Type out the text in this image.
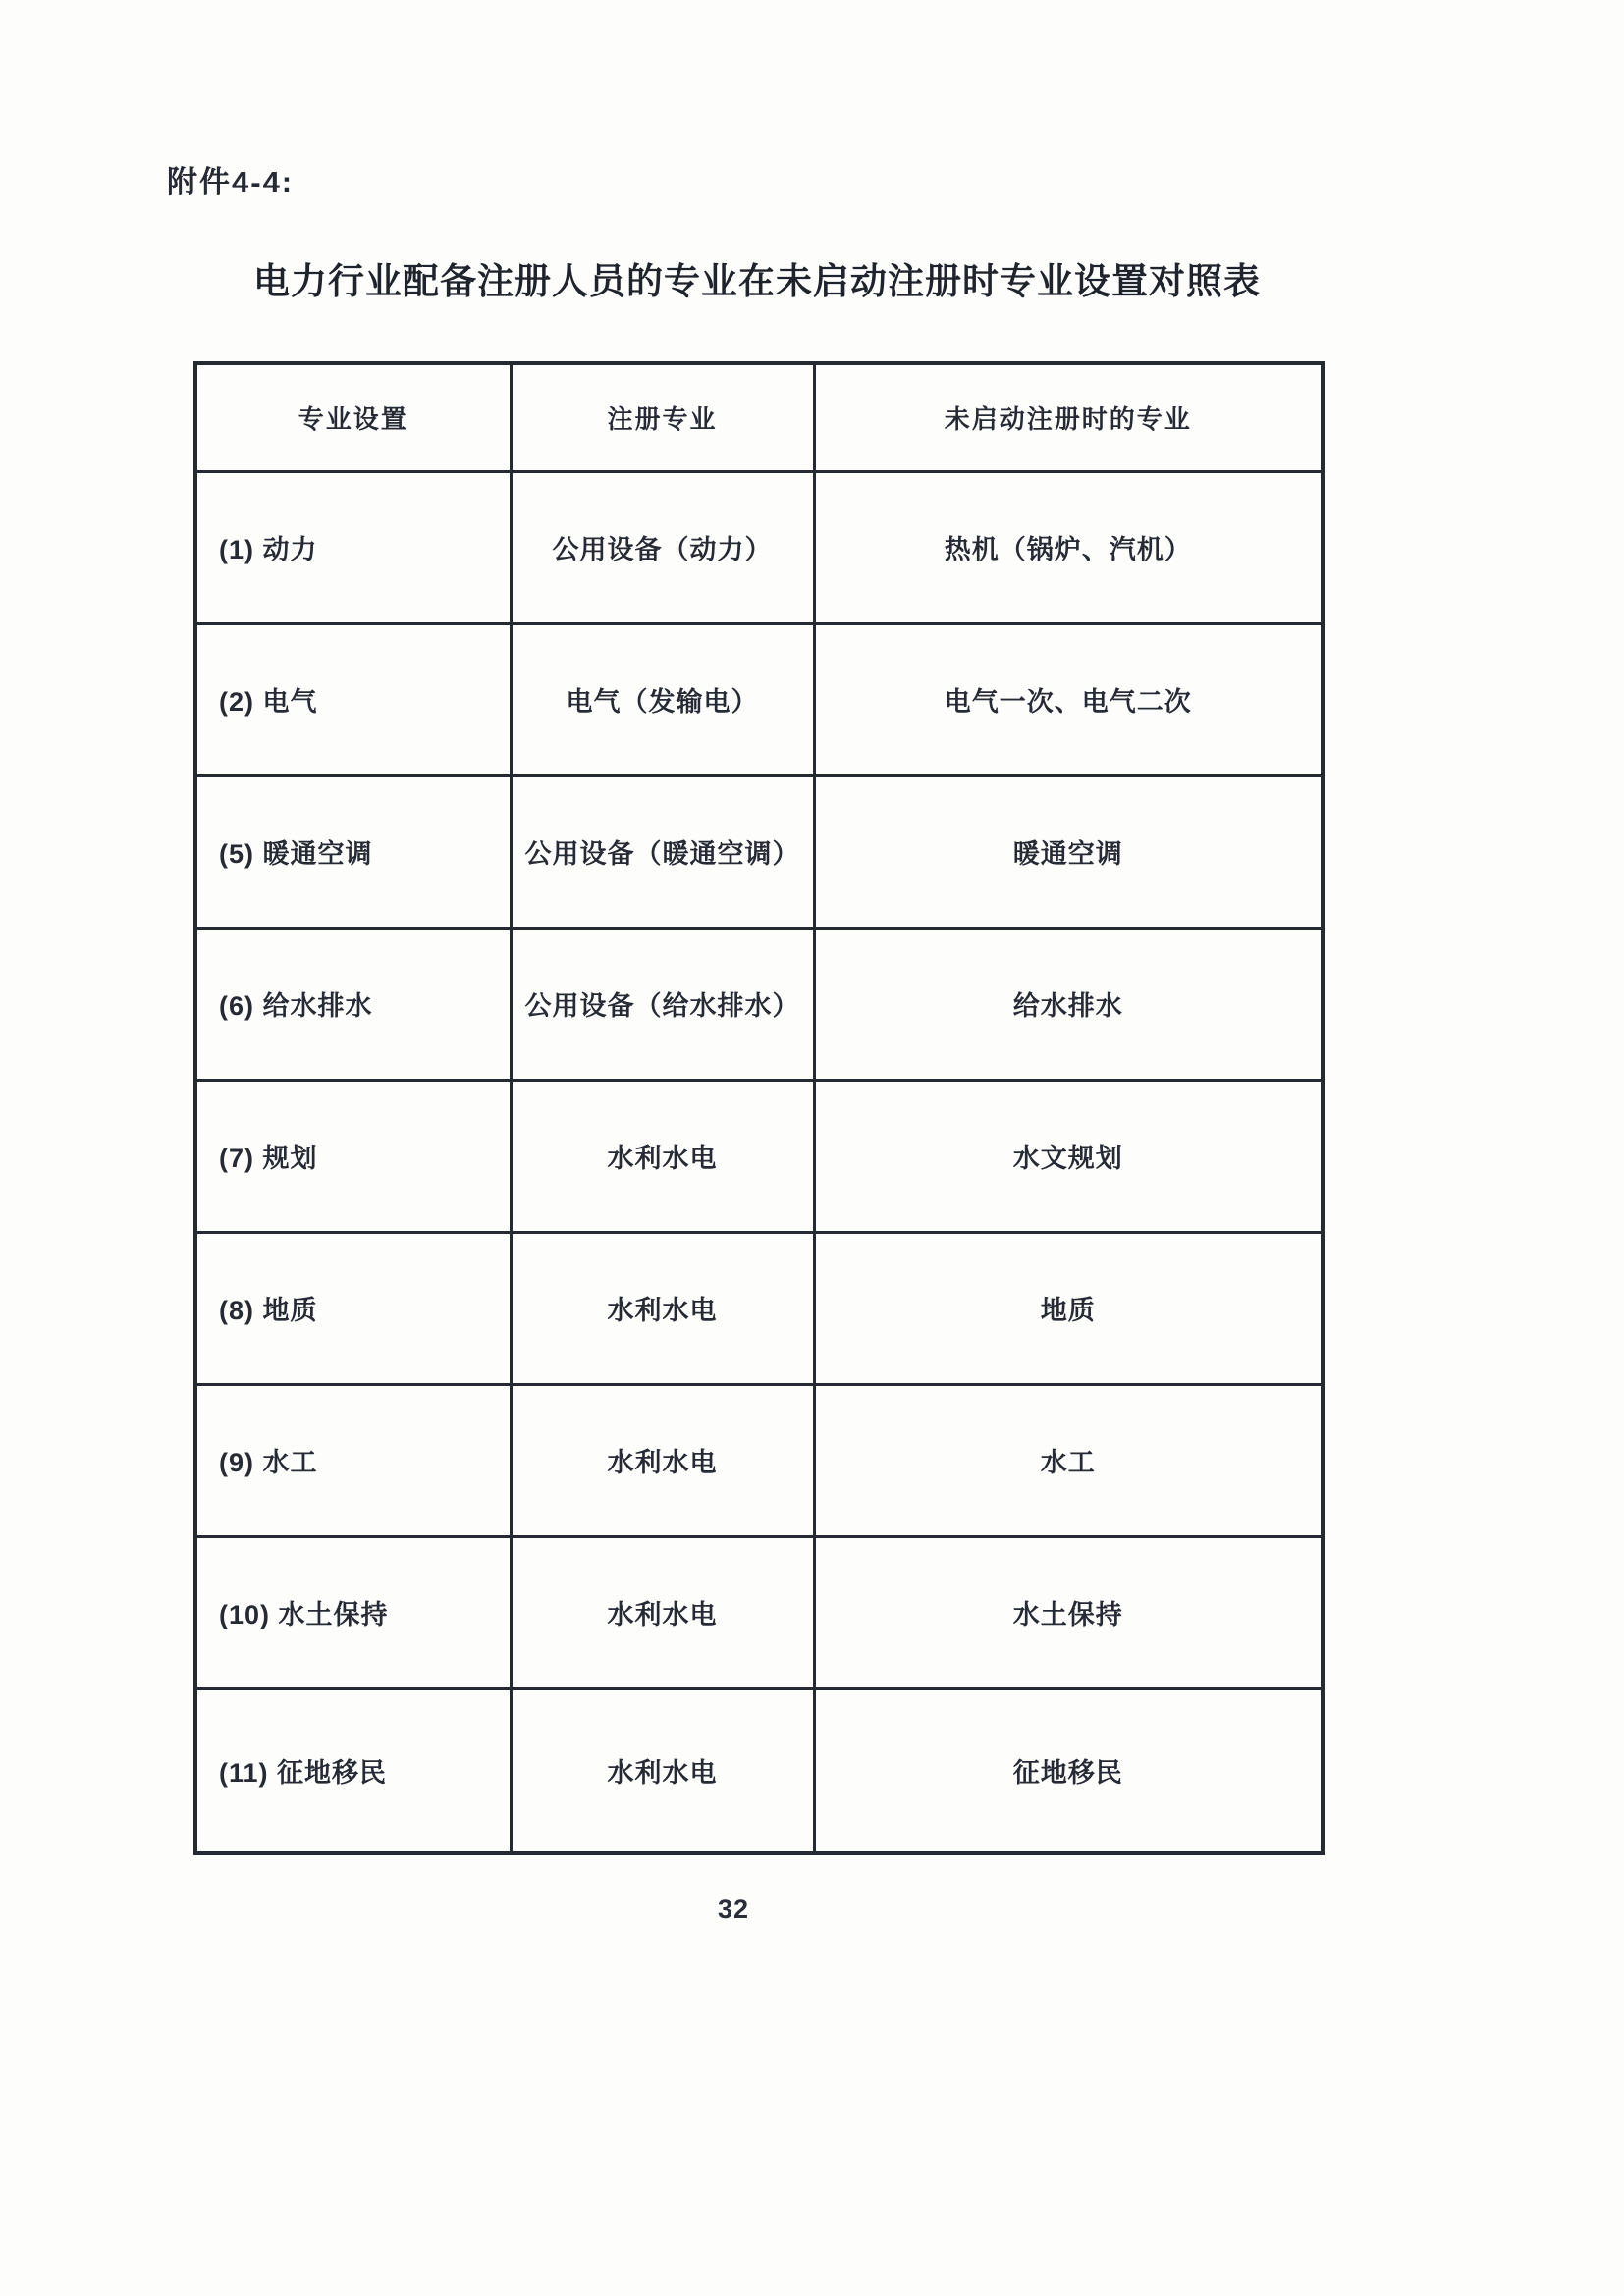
附件4-4:
电力行业配备注册人员的专业在未启动注册时专业设置对照表
专业设置	注册专业	未启动注册时的专业
(1) 动力	公用设备（动力）	热机（锅炉、汽机）
(2) 电气	电气（发输电）	电气一次、电气二次
(5) 暖通空调	公用设备（暖通空调）	暖通空调
(6) 给水排水	公用设备（给水排水）	给水排水
(7) 规划	水利水电	水文规划
(8) 地质	水利水电	地质
(9) 水工	水利水电	水工
(10) 水土保持	水利水电	水土保持
(11) 征地移民	水利水电	征地移民
32
